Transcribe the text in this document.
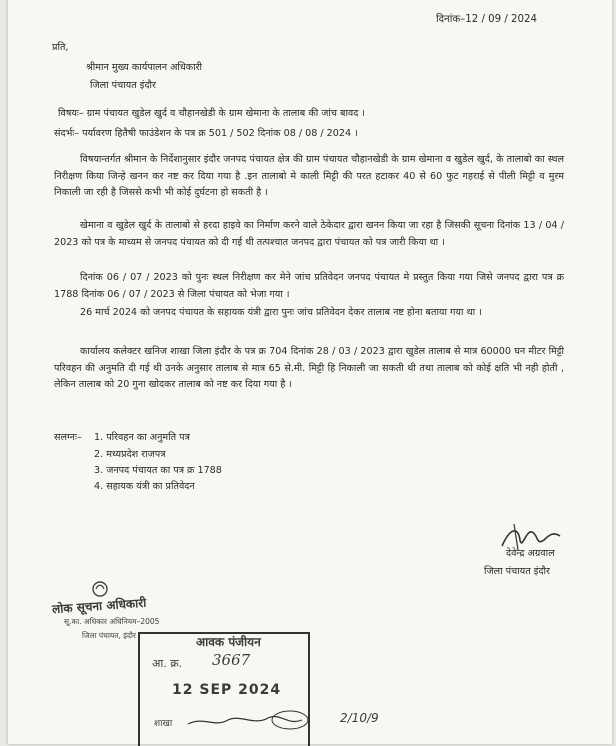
दिनांक–12 / 09 / 2024
प्रति,
श्रीमान मुख्य कार्यपालन अधिकारी
जिला पंचायत इंदौर
विषयः– ग्राम पंचायत खुडेल खुर्द व चौहानखेडी के ग्राम खेमाना के तालाब की जांच बावद ।
संदर्भः– पर्यावरण हितैषी फाउंडेशन के पत्र क्र 501 / 502 दिनांक 08 / 08 / 2024 ।
विषयान्तर्गत श्रीमान के निर्देशानुसार इंदौर जनपद पंचायत क्षेत्र की ग्राम पंचायत चौहानखेडी के ग्राम खेमाना व खुडेल खुर्द, के तालाबो का स्थल निरीक्षण किया जिन्हे खनन कर नष्ट कर दिया गया है .इन तालाबो मे काली मिट्टी की परत हटाकर 40 से 60 फुट गहराई से पीली मिट्टी व मुरम निकाली जा रही है जिससे कभी भी कोई दुर्घटना हो सकती है ।
खेमाना व खुडेल खुर्द के तालाबो से हरदा हाइवे का निर्माण करने वाले ठेकेदार द्वारा खनन किया जा रहा है जिसकी सूचना दिनांक 13 / 04 / 2023 को पत्र के माध्यम से जनपद पंचायत को दी गई थी तत्पश्चात जनपद द्वारा पंचायत को पत्र जारी किया था ।
दिनांक 06 / 07 / 2023 को पुनः स्थल निरीक्षण कर मेने जांच प्रतिवेदन जनपद पंचायत मे प्रस्तुत किया गया जिसे जनपद द्वारा पत्र क्र 1788 दिनांक 06 / 07 / 2023 से जिला पंचायत को भेजा गया ।
26 मार्च 2024 को जनपद पंचायत के सहायक यंत्री द्वारा पुनः जांच प्रतिवेदन देकर तालाब नष्ट होना बताया गया था ।
कार्यालय कलेक्टर खनिज शाखा जिला इंदौर के पत्र क्र 704 दिनांक 28 / 03 / 2023 द्वारा खुडेल तालाब से मात्र 60000 घन मीटर मिट्टी परिवहन की अनुमति दी गई थी उनके अनुसार तालाब से मात्र 65 से.मी. मिट्टी हि निकाली जा सकती थी तथा तालाब को कोई क्षति भी नही होती , लेकिन तालाब को 20 गुना खोदकर तालाब को नष्ट कर दिया गया है ।
सलग्नः– 1. परिवहन का अनुमति पत्र
2. मध्यप्रदेश राजपत्र
3. जनपद पंचायत का पत्र क्र 1788
4. सहायक यंत्री का प्रतिवेदन
देवेन्द्र अग्रवाल
जिला पंचायत इंदौर
लोक सूचना अधिकारी
सू.का. अधिकार अधिनियम–2005
जिला पंचायत, इंदौर	आवक पंजीयन
आ. क्र. 3667
12 SEP 2024
शाखा	2/10/9
